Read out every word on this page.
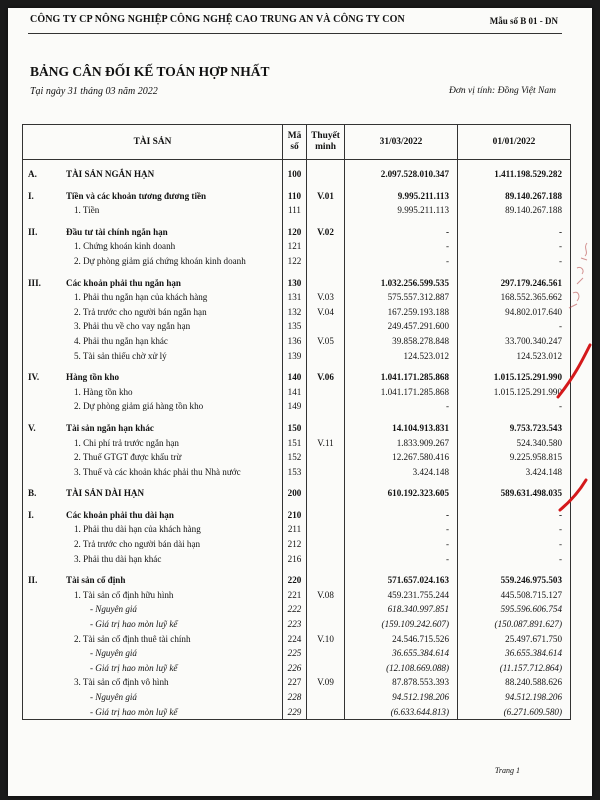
CÔNG TY CP NÔNG NGHIỆP CÔNG NGHỆ CAO TRUNG AN VÀ CÔNG TY CON	Mẫu số B 01 - DN
BẢNG CÂN ĐỐI KẾ TOÁN HỢP NHẤT
Tại ngày 31 tháng 03 năm 2022	Đơn vị tính: Đồng Việt Nam
TÀI SẢN	Mã số	Thuyết minh	31/03/2022	01/01/2022

A. TÀI SẢN NGẮN HẠN	100		2.097.528.010.347	1.411.198.529.282

I. Tiền và các khoản tương đương tiền	110	V.01	9.995.211.113	89.140.267.188
1. Tiền	111		9.995.211.113	89.140.267.188

II. Đầu tư tài chính ngắn hạn	120	V.02	-	-
1. Chứng khoán kinh doanh	121		-	-
2. Dự phòng giảm giá chứng khoán kinh doanh	122		-	-

III. Các khoản phải thu ngắn hạn	130		1.032.256.599.535	297.179.246.561
1. Phải thu ngắn hạn của khách hàng	131	V.03	575.557.312.887	168.552.365.662
2. Trả trước cho người bán ngắn hạn	132	V.04	167.259.193.188	94.802.017.640
3. Phải thu về cho vay ngắn hạn	135		249.457.291.600	-
4. Phải thu ngắn hạn khác	136	V.05	39.858.278.848	33.700.340.247
5. Tài sản thiếu chờ xử lý	139		124.523.012	124.523.012

IV. Hàng tồn kho	140	V.06	1.041.171.285.868	1.015.125.291.990
1. Hàng tồn kho	141		1.041.171.285.868	1.015.125.291.990
2. Dự phòng giảm giá hàng tồn kho	149		-	-

V. Tài sản ngắn hạn khác	150		14.104.913.831	9.753.723.543
1. Chi phí trả trước ngắn hạn	151	V.11	1.833.909.267	524.340.580
2. Thuế GTGT được khấu trừ	152		12.267.580.416	9.225.958.815
3. Thuế và các khoản khác phải thu Nhà nước	153		3.424.148	3.424.148

B. TÀI SẢN DÀI HẠN	200		610.192.323.605	589.631.498.035

I. Các khoản phải thu dài hạn	210		-	-
1. Phải thu dài hạn của khách hàng	211		-	-
2. Trả trước cho người bán dài hạn	212		-	-
3. Phải thu dài hạn khác	216		-	-

II. Tài sản cố định	220		571.657.024.163	559.246.975.503
1. Tài sản cố định hữu hình	221	V.08	459.231.755.244	445.508.715.127
- Nguyên giá	222		618.340.997.851	595.596.606.754
- Giá trị hao mòn luỹ kế	223		(159.109.242.607)	(150.087.891.627)
2. Tài sản cố định thuê tài chính	224	V.10	24.546.715.526	25.497.671.750
- Nguyên giá	225		36.655.384.614	36.655.384.614
- Giá trị hao mòn luỹ kế	226		(12.108.669.088)	(11.157.712.864)
3. Tài sản cố định vô hình	227	V.09	87.878.553.393	88.240.588.626
- Nguyên giá	228		94.512.198.206	94.512.198.206
- Giá trị hao mòn luỹ kế	229		(6.633.644.813)	(6.271.609.580)
Trang 1
